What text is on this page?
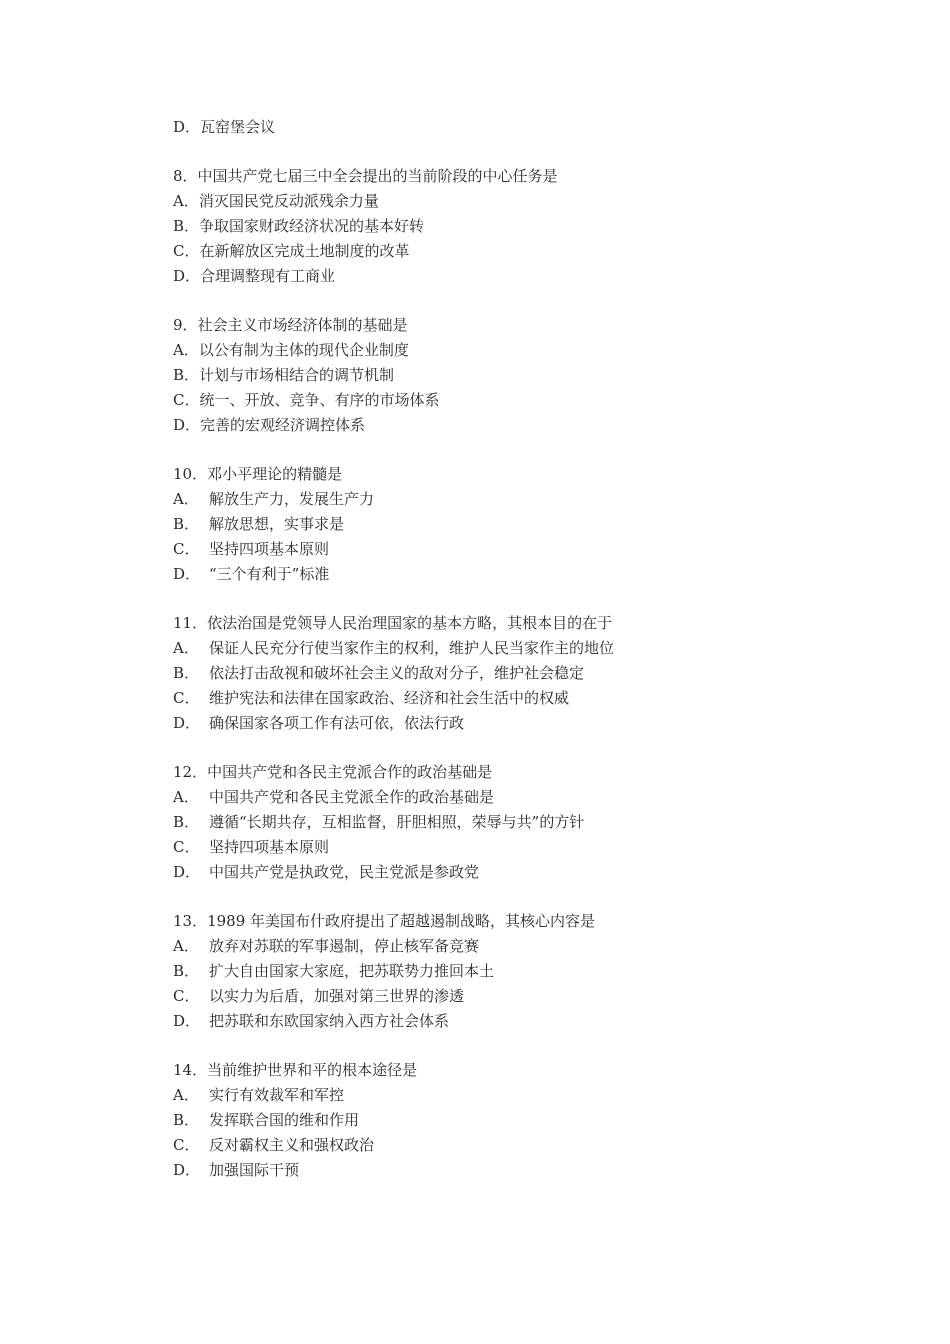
D．瓦窑堡会议
8．中国共产党七届三中全会提出的当前阶段的中心任务是
A．消灭国民党反动派残余力量
B．争取国家财政经济状况的基本好转
C．在新解放区完成土地制度的改革
D．合理调整现有工商业
9．社会主义市场经济体制的基础是
A．以公有制为主体的现代企业制度
B．计划与市场相结合的调节机制
C．统一、开放、竞争、有序的市场体系
D．完善的宏观经济调控体系
10．邓小平理论的精髓是
A． 解放生产力，发展生产力
B． 解放思想，实事求是
C． 坚持四项基本原则
D． “三个有利于”标准
11．依法治国是党领导人民治理国家的基本方略，其根本目的在于
A． 保证人民充分行使当家作主的权利，维护人民当家作主的地位
B． 依法打击敌视和破坏社会主义的敌对分子，维护社会稳定
C． 维护宪法和法律在国家政治、经济和社会生活中的权威
D． 确保国家各项工作有法可依，依法行政
12．中国共产党和各民主党派合作的政治基础是
A． 中国共产党和各民主党派全作的政治基础是
B． 遵循“长期共存，互相监督，肝胆相照，荣辱与共”的方针
C． 坚持四项基本原则
D． 中国共产党是执政党，民主党派是参政党
13．1989 年美国布什政府提出了超越遏制战略，其核心内容是
A． 放弃对苏联的军事遏制，停止核军备竞赛
B． 扩大自由国家大家庭，把苏联势力推回本土
C． 以实力为后盾，加强对第三世界的渗透
D． 把苏联和东欧国家纳入西方社会体系
14．当前维护世界和平的根本途径是
A． 实行有效裁军和军控
B． 发挥联合国的维和作用
C． 反对霸权主义和强权政治
D． 加强国际干预
